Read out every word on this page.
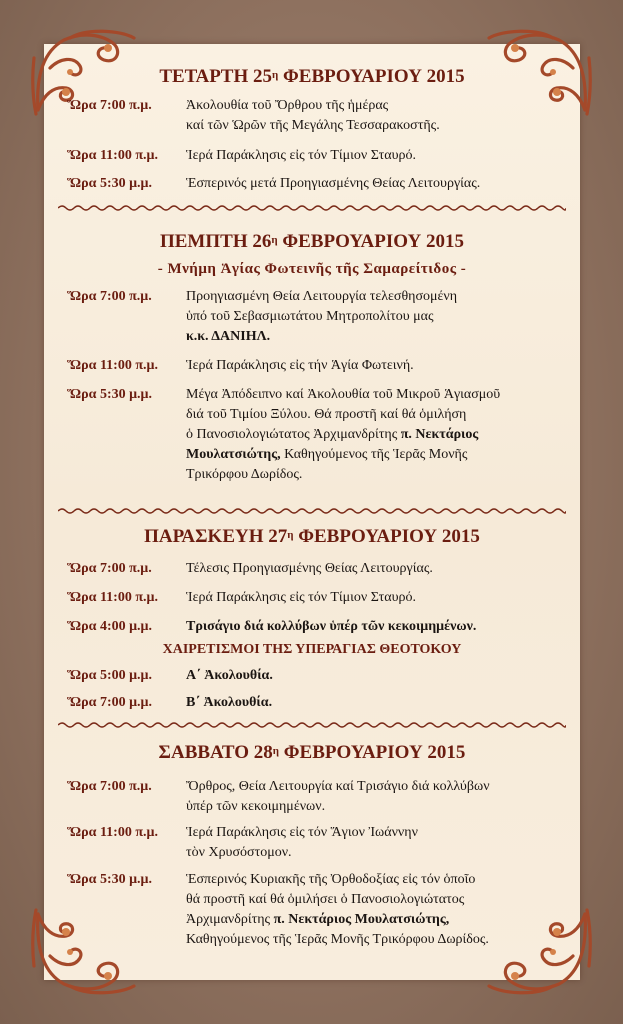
ΤΕΤΑΡΤΗ $25^\eta$ ΦΕΒΡΟΥΑΡΙΟΥ 2015
Ὥρα 7:00 π.μ. Ἀκολουθία τοῦ Ὄρθρου τῆς ἡμέρας
καί τῶν Ὡρῶν τῆς Μεγάλης Τεσσαρακοστῆς.
Ὥρα 11:00 π.μ. Ἱερά Παράκλησις εἰς τόν Τίμιον Σταυρό.
Ὥρα 5:30 μ.μ. Ἑσπερινός μετά Προηγιασμένης Θείας Λειτουργίας.
ΠΕΜΠΤΗ $26^\eta$ ΦΕΒΡΟΥΑΡΙΟΥ 2015
- Μνήμη Ἁγίας Φωτεινῆς τῆς Σαμαρείτιδος -
Ὥρα 7:00 π.μ. Προηγιασμένη Θεία Λειτουργία τελεσθησομένη
ὑπό τοῦ Σεβασμιωτάτου Μητροπολίτου μας
κ.κ. ΔΑΝΙΗΛ.
Ὥρα 11:00 π.μ. Ἱερά Παράκλησις εἰς τήν Ἁγία Φωτεινή.
Ὥρα 5:30 μ.μ. Μέγα Ἀπόδειπνο καί Ἀκολουθία τοῦ Μικροῦ Ἁγιασμοῦ
διά τοῦ Τιμίου Ξύλου. Θά προστῆ καί θά ὁμιλήση
ὁ Πανοσιολογιώτατος Ἀρχιμανδρίτης π. Νεκτάριος
Μουλατσιώτης, Καθηγούμενος τῆς Ἱερᾶς Μονῆς
Τρικόρφου Δωρίδος.
ΠΑΡΑΣΚΕΥΗ $27^\eta$ ΦΕΒΡΟΥΑΡΙΟΥ 2015
Ὥρα 7:00 π.μ. Τέλεσις Προηγιασμένης Θείας Λειτουργίας.
Ὥρα 11:00 π.μ. Ἱερά Παράκλησις εἰς τόν Τίμιον Σταυρό.
Ὥρα 4:00 μ.μ. Τρισάγιο διά κολλύβων ὑπέρ τῶν κεκοιμημένων.
ΧΑΙΡΕΤΙΣΜΟΙ ΤΗΣ ΥΠΕΡΑΓΙΑΣ ΘΕΟΤΟΚΟΥ
Ὥρα 5:00 μ.μ. Α΄ Ἀκολουθία.
Ὥρα 7:00 μ.μ. Β΄ Ἀκολουθία.
ΣΑΒΒΑΤΟ $28^\eta$ ΦΕΒΡΟΥΑΡΙΟΥ 2015
Ὥρα 7:00 π.μ. Ὄρθρος, Θεία Λειτουργία καί Τρισάγιο διά κολλύβων
ὑπέρ τῶν κεκοιμημένων.
Ὥρα 11:00 π.μ. Ἱερά Παράκλησις εἰς τόν Ἅγιον Ἰωάννην
τὸν Χρυσόστομον.
Ὥρα 5:30 μ.μ. Ἑσπερινός Κυριακῆς τῆς Ὀρθοδοξίας εἰς τόν ὁποῖο
θά προστῆ καί θά ὁμιλήσει ὁ Πανοσιολογιώτατος
Ἀρχιμανδρίτης π. Νεκτάριος Μουλατσιώτης,
Καθηγούμενος τῆς Ἱερᾶς Μονῆς Τρικόρφου Δωρίδος.
